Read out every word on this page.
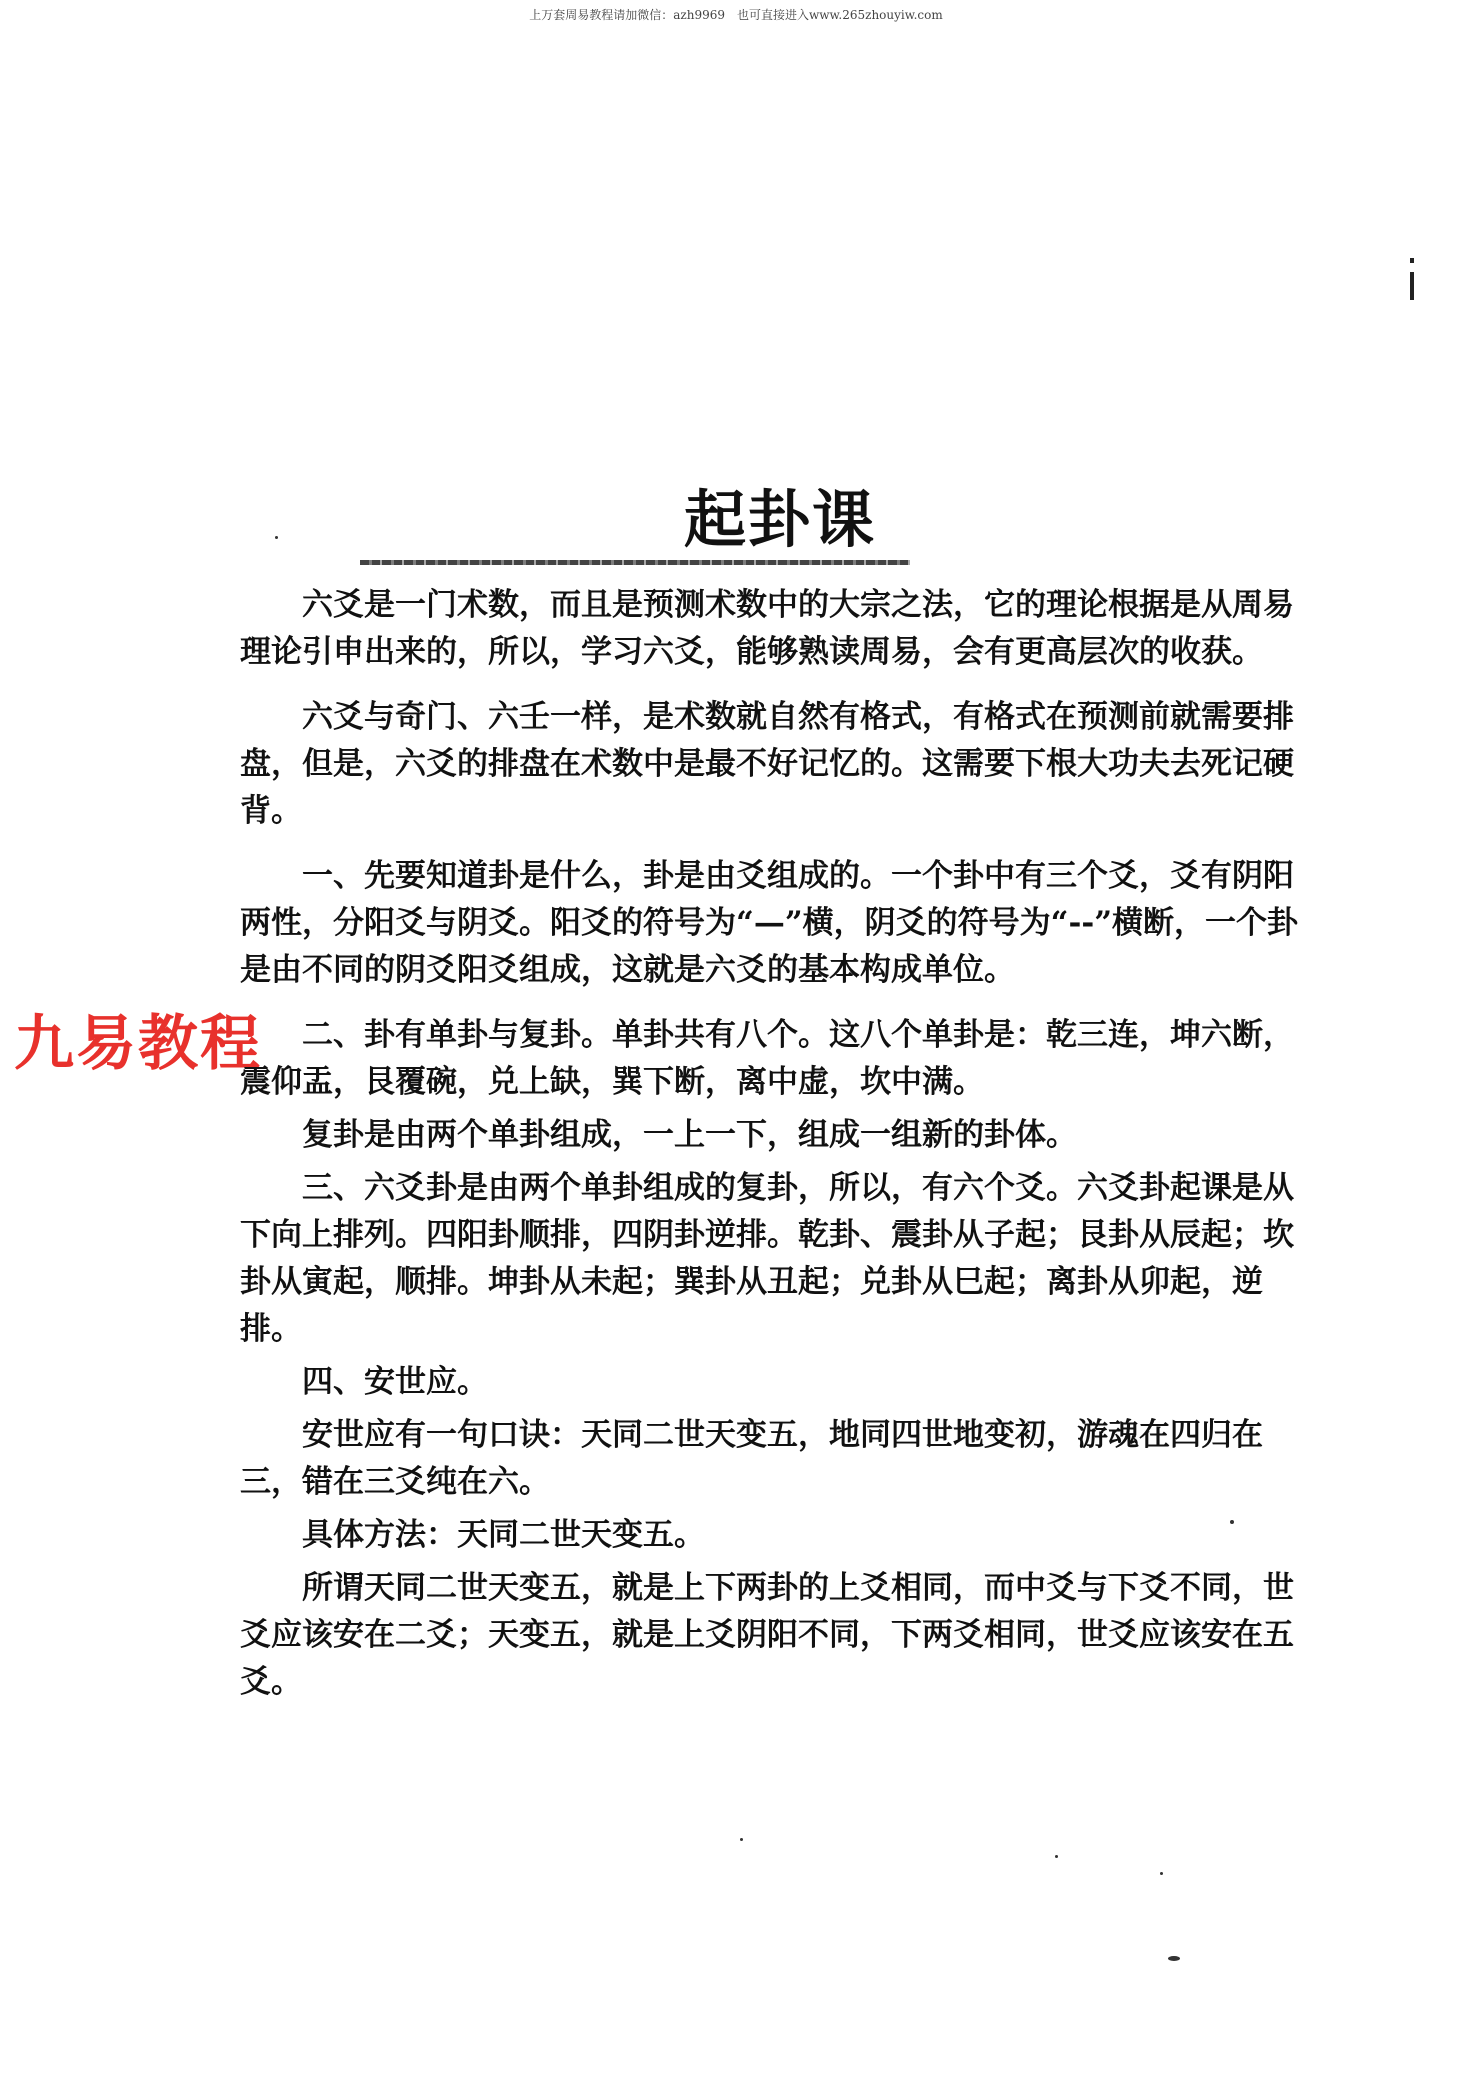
上万套周易教程请加微信：azh9969　也可直接进入www.265zhouyiw.com
起卦课
九易教程

六爻是一门术数，而且是预测术数中的大宗之法，它的理论根据是从周易理论引申出来的，所以，学习六爻，能够熟读周易，会有更高层次的收获。

六爻与奇门、六壬一样，是术数就自然有格式，有格式在预测前就需要排盘，但是，六爻的排盘在术数中是最不好记忆的。这需要下根大功夫去死记硬背。

一、先要知道卦是什么，卦是由爻组成的。一个卦中有三个爻，爻有阴阳两性，分阳爻与阴爻。阳爻的符号为“—”横，阴爻的符号为“--”横断，一个卦是由不同的阴爻阳爻组成，这就是六爻的基本构成单位。

二、卦有单卦与复卦。单卦共有八个。这八个单卦是：乾三连，坤六断，震仰盂，艮覆碗，兑上缺，巽下断，离中虚，坎中满。

复卦是由两个单卦组成，一上一下，组成一组新的卦体。

三、六爻卦是由两个单卦组成的复卦，所以，有六个爻。六爻卦起课是从下向上排列。四阳卦顺排，四阴卦逆排。乾卦、震卦从子起；艮卦从辰起；坎卦从寅起，顺排。坤卦从未起；巽卦从丑起；兑卦从巳起；离卦从卯起，逆排。

四、安世应。

安世应有一句口诀：天同二世天变五，地同四世地变初，游魂在四归在三，错在三爻纯在六。

具体方法：天同二世天变五。

所谓天同二世天变五，就是上下两卦的上爻相同，而中爻与下爻不同，世爻应该安在二爻；天变五，就是上爻阴阳不同，下两爻相同，世爻应该安在五爻。
